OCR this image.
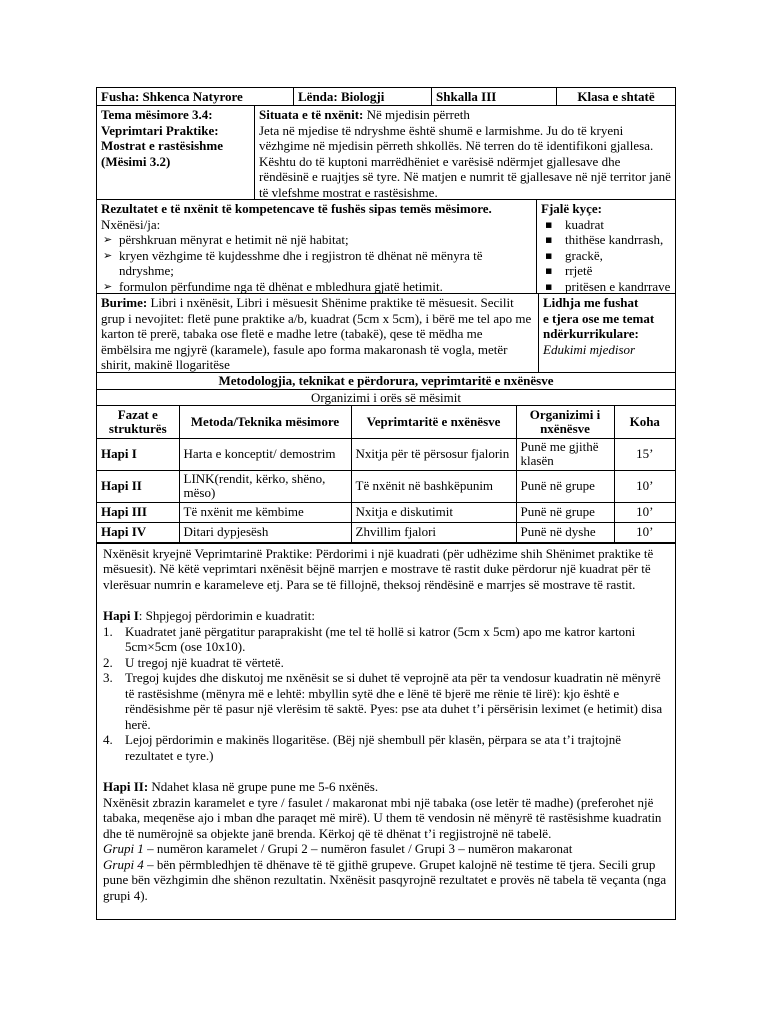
Fusha: Shkenca Natyrore	Lënda: Biologji	Shkalla III	Klasa e shtatë
Tema mësimore 3.4:
Veprimtari Praktike:
Mostrat e rastësishme
(Mësimi 3.2)
Situata e të nxënit: Në mjedisin përreth
Jeta në mjedise të ndryshme është shumë e larmishme. Ju do të kryeni vëzhgime në mjedisin përreth shkollës. Në terren do të identifikoni gjallesa. Kështu do të kuptoni marrëdhëniet e varësisë ndërmjet gjallesave dhe rëndësinë e ruajtjes së tyre. Në matjen e numrit të gjallesave në një territor janë të vlefshme mostrat e rastësishme.
Rezultatet e të nxënit të kompetencave të fushës sipas temës mësimore. Nxënësi/ja:
➢ përshkruan mënyrat e hetimit në një habitat;
➢ kryen vëzhgime të kujdesshme dhe i regjistron të dhënat në mënyra të ndryshme;
➢ formulon përfundime nga të dhënat e mbledhura gjatë hetimit.
Fjalë kyçe:
▪ kuadrat
▪ thithëse kandrrash,
▪ grackë,
▪ rrjetë
▪ pritësen e kandrrave
Burime: Libri i nxënësit, Libri i mësuesit Shënime praktike të mësuesit. Secilit grup i nevojitet: fletë pune praktike a/b, kuadrat (5cm x 5cm), i bërë me tel apo me karton të prerë, tabaka ose fletë e madhe letre (tabakë), qese të mëdha me ëmbëlsira me ngjyrë (karamele), fasule apo forma makaronash të vogla, metër shirit, makinë llogaritëse
Lidhja me fushat
e tjera ose me temat
ndërkurrikulare:
Edukimi mjedisor
Metodologjia, teknikat e përdorura, veprimtaritë e nxënësve
Organizimi i orës së mësimit
Fazat e strukturës	Metoda/Teknika mësimore	Veprimtaritë e nxënësve	Organizimi i nxënësve	Koha
Hapi I	Harta e konceptit/ demostrim	Nxitja për të përsosur fjalorin	Punë me gjithë klasën	15’
Hapi II	LINK(rendit, kërko, shëno, mëso)	Të nxënit në bashkëpunim	Punë në grupe	10’
Hapi III	Të nxënit me këmbime	Nxitja e diskutimit	Punë në grupe	10’
Hapi IV	Ditari dypjesësh	Zhvillim fjalori	Punë në dyshe	10’

Nxënësit kryejnë Veprimtarinë Praktike: Përdorimi i një kuadrati (për udhëzime shih Shënimet praktike të mësuesit). Në këtë veprimtari nxënësit bëjnë marrjen e mostrave të rastit duke përdorur një kuadrat për të vlerësuar numrin e karameleve etj. Para se të fillojnë, theksoj rëndësinë e marrjes së mostrave të rastit.

Hapi I: Shpjegoj përdorimin e kuadratit:

1. Kuadratet janë përgatitur paraprakisht (me tel të hollë si katror (5cm x 5cm) apo me katror kartoni 5cm×5cm (ose 10x10).
2. U tregoj një kuadrat të vërtetë.
3. Tregoj kujdes dhe diskutoj me nxënësit se si duhet të veprojnë ata për ta vendosur kuadratin në mënyrë të rastësishme (mënyra më e lehtë: mbyllin sytë dhe e lënë të bjerë me rënie të lirë): kjo është e rëndësishme për të pasur një vlerësim të saktë. Pyes: pse ata duhet t’i përsërisin leximet (e hetimit) disa herë.
4. Lejoj përdorimin e makinës llogaritëse. (Bëj një shembull për klasën, përpara se ata t’i trajtojnë rezultatet e tyre.)

Hapi II: Ndahet klasa në grupe pune me 5-6 nxënës.

Nxënësit zbrazin karamelet e tyre / fasulet / makaronat mbi një tabaka (ose letër të madhe) (preferohet një tabaka, meqenëse ajo i mban dhe paraqet më mirë). U them të vendosin në mënyrë të rastësishme kuadratin dhe të numërojnë sa objekte janë brenda. Kërkoj që të dhënat t’i regjistrojnë në tabelë.

Grupi 1 – numëron karamelet / Grupi 2 – numëron fasulet / Grupi 3 – numëron makaronat

Grupi 4 – bën përmbledhjen të dhënave të të gjithë grupeve. Grupet kalojnë në testime të tjera. Secili grup pune bën vëzhgimin dhe shënon rezultatin. Nxënësit pasqyrojnë rezultatet e provës në tabela të veçanta (nga grupi 4).
